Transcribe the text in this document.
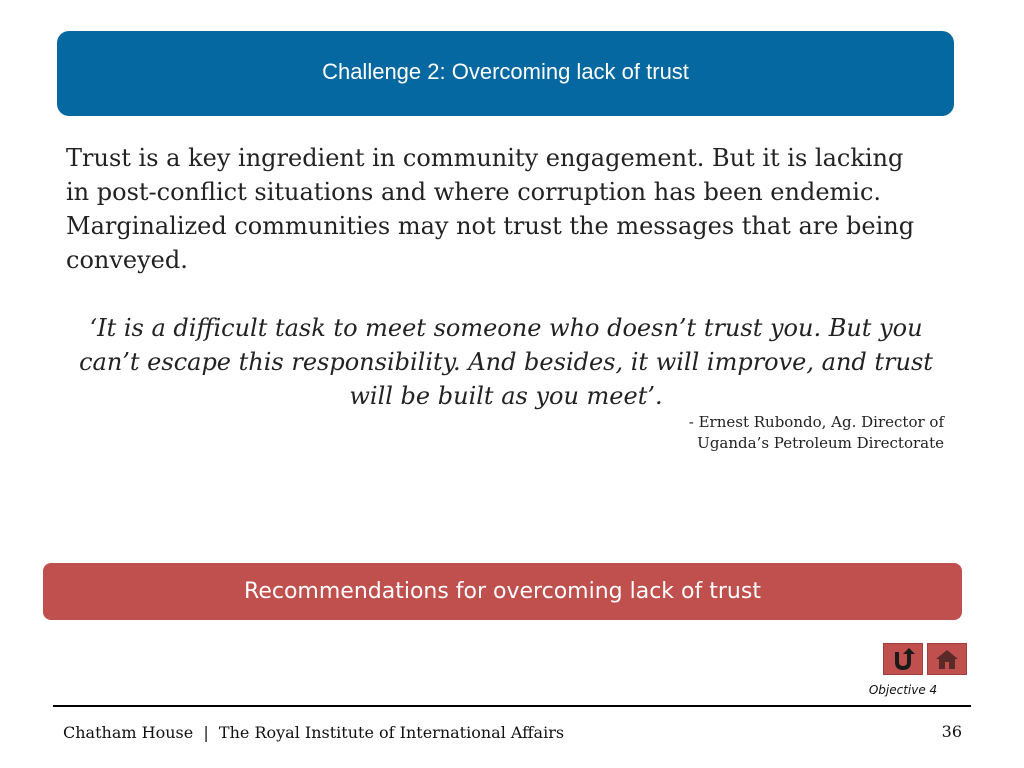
Challenge 2: Overcoming lack of trust

Trust is a key ingredient in community engagement. But it is lacking in post-conflict situations and where corruption has been endemic. Marginalized communities may not trust the messages that are being conveyed.

‘It is a difficult task to meet someone who doesn’t trust you. But you can’t escape this responsibility. And besides, it will improve, and trust will be built as you meet’.

- Ernest Rubondo, Ag. Director of
Uganda’s Petroleum Directorate
Recommendations for overcoming lack of trust
Objective 4
Chatham House  |  The Royal Institute of International Affairs	36
